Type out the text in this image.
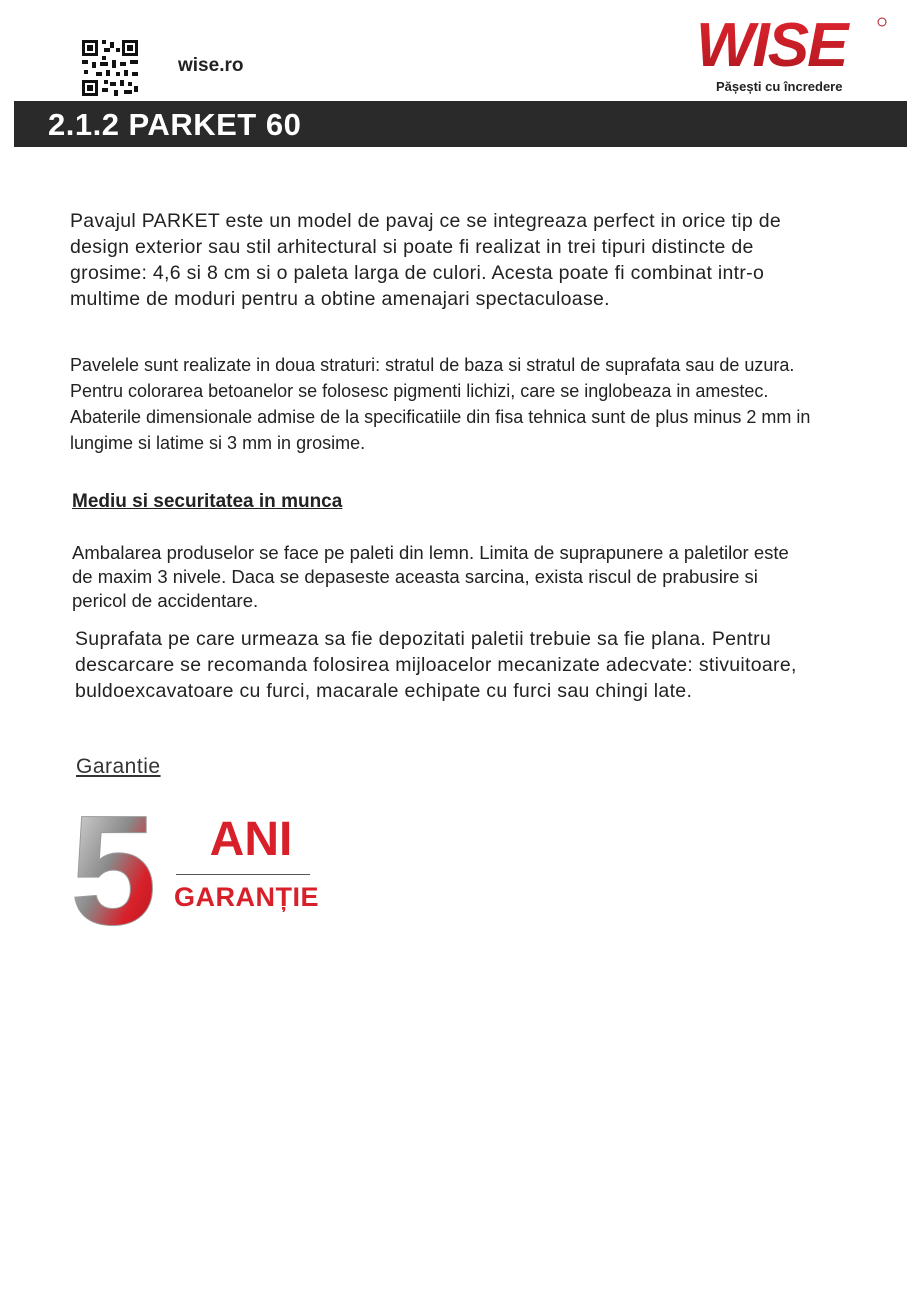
wise.ro	WISE
Pășești cu încredere
2.1.2 PARKET 60

Pavajul PARKET este un model de pavaj ce se integreaza perfect in orice tip de design exterior sau stil arhitectural si poate fi realizat in trei tipuri distincte de grosime: 4,6 si 8 cm si o paleta larga de culori. Acesta poate fi combinat intr-o multime de moduri pentru a obtine amenajari spectaculoase.

Pavelele sunt realizate in doua straturi: stratul de baza si stratul de suprafata sau de uzura. Pentru colorarea betoanelor se folosesc pigmenti lichizi, care se inglobeaza in amestec. Abaterile dimensionale admise de la specificatiile din fisa tehnica sunt de plus minus 2 mm in lungime si latime si 3 mm in grosime.

Mediu si securitatea in munca

Ambalarea produselor se face pe paleti din lemn. Limita de suprapunere a paletilor este de maxim 3 nivele. Daca se depaseste aceasta sarcina, exista riscul de prabusire si pericol de accidentare.

Suprafata pe care urmeaza sa fie depozitati paletii trebuie sa fie plana. Pentru descarcare se recomanda folosirea mijloacelor mecanizate adecvate: stivuitoare, buldoexcavatoare cu furci, macarale echipate cu furci sau chingi late.

Garantie
5 ANI
GARANȚIE
